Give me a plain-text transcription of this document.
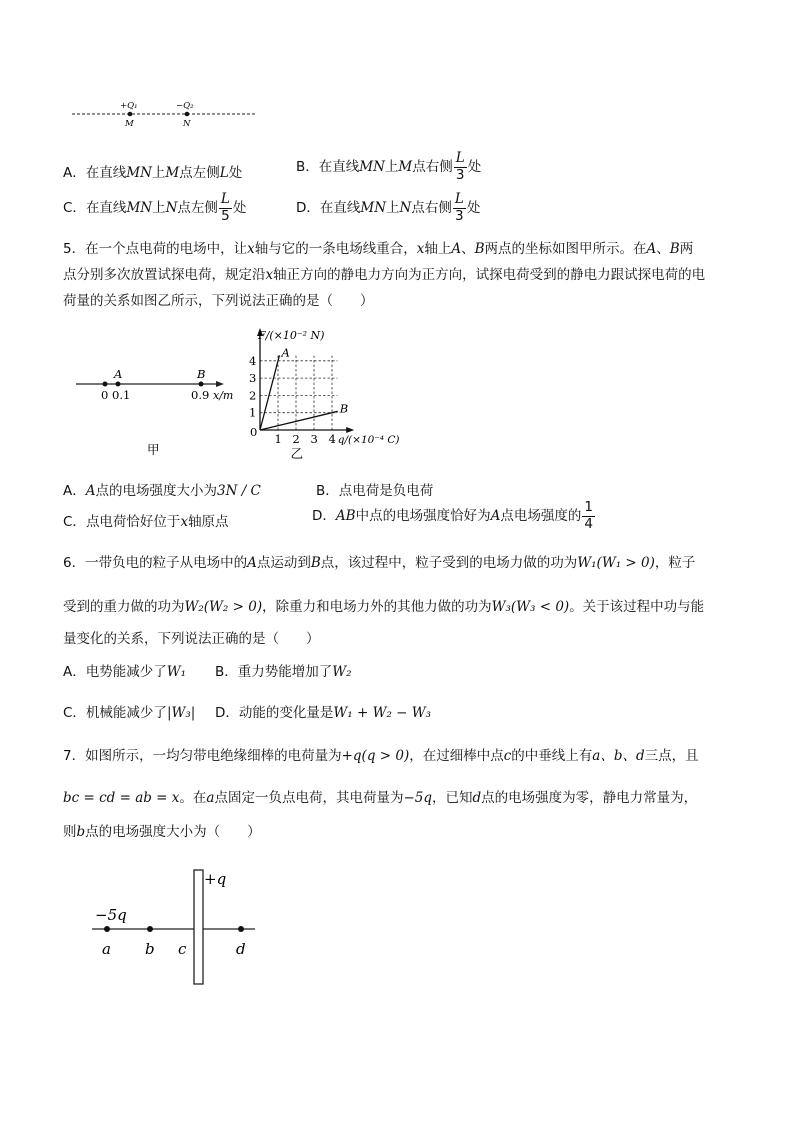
+Q₁	−Q₂
M	N
A．在直线MN上M点左侧L处	B．在直线MN上M点右侧 $\frac{L}{3}$ 处
C．在直线MN上N点左侧 $\frac{L}{5}$ 处	D．在直线MN上N点右侧 $\frac{L}{3}$ 处
5．在一个点电荷的电场中，让x轴与它的一条电场线重合，x轴上A、B两点的坐标如图甲所示。在A、B两
点分别多次放置试探电荷，规定沿x轴正方向的静电力方向为正方向，试探电荷受到的静电力跟试探电荷的电
荷量的关系如图乙所示，下列说法正确的是（　　）
A	B
0 0.1	0.9 x/m
甲
1 2 3 4
1
2
3
4
0
F/(×10⁻² N)
q/(×10⁻⁴ C)
A
B
乙
A．A点的电场强度大小为3N / C	B．点电荷是负电荷
C．点电荷恰好位于x轴原点	D．AB中点的电场强度恰好为A点电场强度的 $\frac{1}{4}$
6．一带负电的粒子从电场中的A点运动到B点，该过程中，粒子受到的电场力做的功为W₁(W₁ > 0)，粒子
受到的重力做的功为W₂(W₂ > 0)，除重力和电场力外的其他力做的功为W₃(W₃ < 0)。关于该过程中功与能
量变化的关系，下列说法正确的是（　　）
A．电势能减少了W₁ B．重力势能增加了W₂
C．机械能减少了|W₃| D．动能的变化量是W₁ + W₂ − W₃
7．如图所示，一均匀带电绝缘细棒的电荷量为+q(q > 0)，在过细棒中点c的中垂线上有a、b、d三点，且
bc = cd = ab = x。在a点固定一负点电荷，其电荷量为−5q，已知d点的电场强度为零，静电力常量为，
则b点的电场强度大小为（　　）
+q
−5q
a b c	d
